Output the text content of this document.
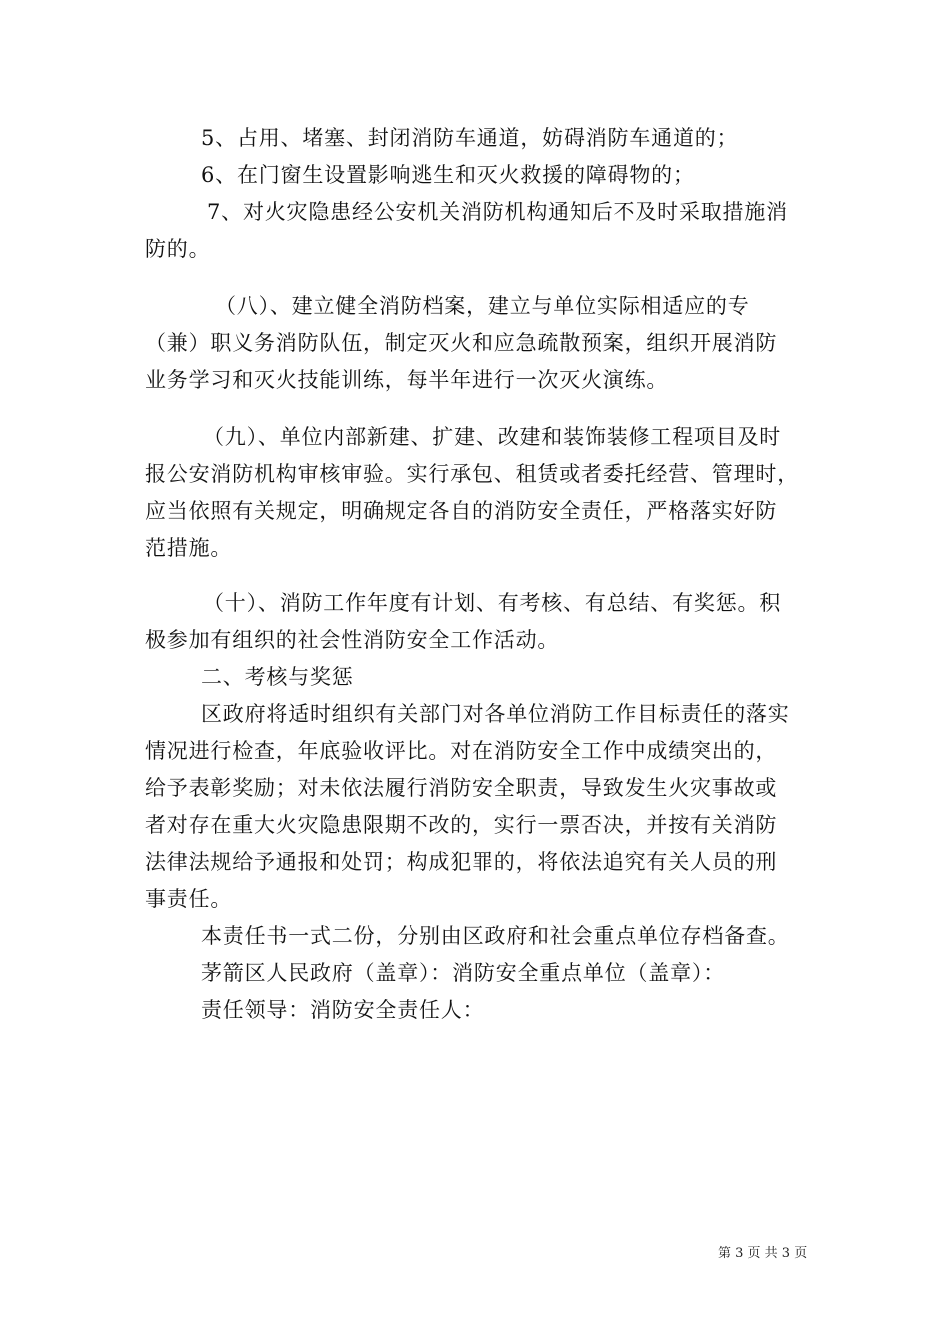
5、占用、堵塞、封闭消防车通道，妨碍消防车通道的；
6、在门窗生设置影响逃生和灭火救援的障碍物的；
7、对火灾隐患经公安机关消防机构通知后不及时采取措施消
防的。
（八）、建立健全消防档案，建立与单位实际相适应的专
（兼）职义务消防队伍，制定灭火和应急疏散预案，组织开展消防
业务学习和灭火技能训练，每半年进行一次灭火演练。
（九）、单位内部新建、扩建、改建和装饰装修工程项目及时
报公安消防机构审核审验。实行承包、租赁或者委托经营、管理时，
应当依照有关规定，明确规定各自的消防安全责任，严格落实好防
范措施。
（十）、消防工作年度有计划、有考核、有总结、有奖惩。积
极参加有组织的社会性消防安全工作活动。
二、考核与奖惩
区政府将适时组织有关部门对各单位消防工作目标责任的落实
情况进行检查，年底验收评比。对在消防安全工作中成绩突出的，
给予表彰奖励；对未依法履行消防安全职责，导致发生火灾事故或
者对存在重大火灾隐患限期不改的，实行一票否决，并按有关消防
法律法规给予通报和处罚；构成犯罪的，将依法追究有关人员的刑
事责任。
本责任书一式二份，分别由区政府和社会重点单位存档备查。
茅箭区人民政府（盖章）：消防安全重点单位（盖章）：
责任领导：消防安全责任人：
第 3 页 共 3 页
